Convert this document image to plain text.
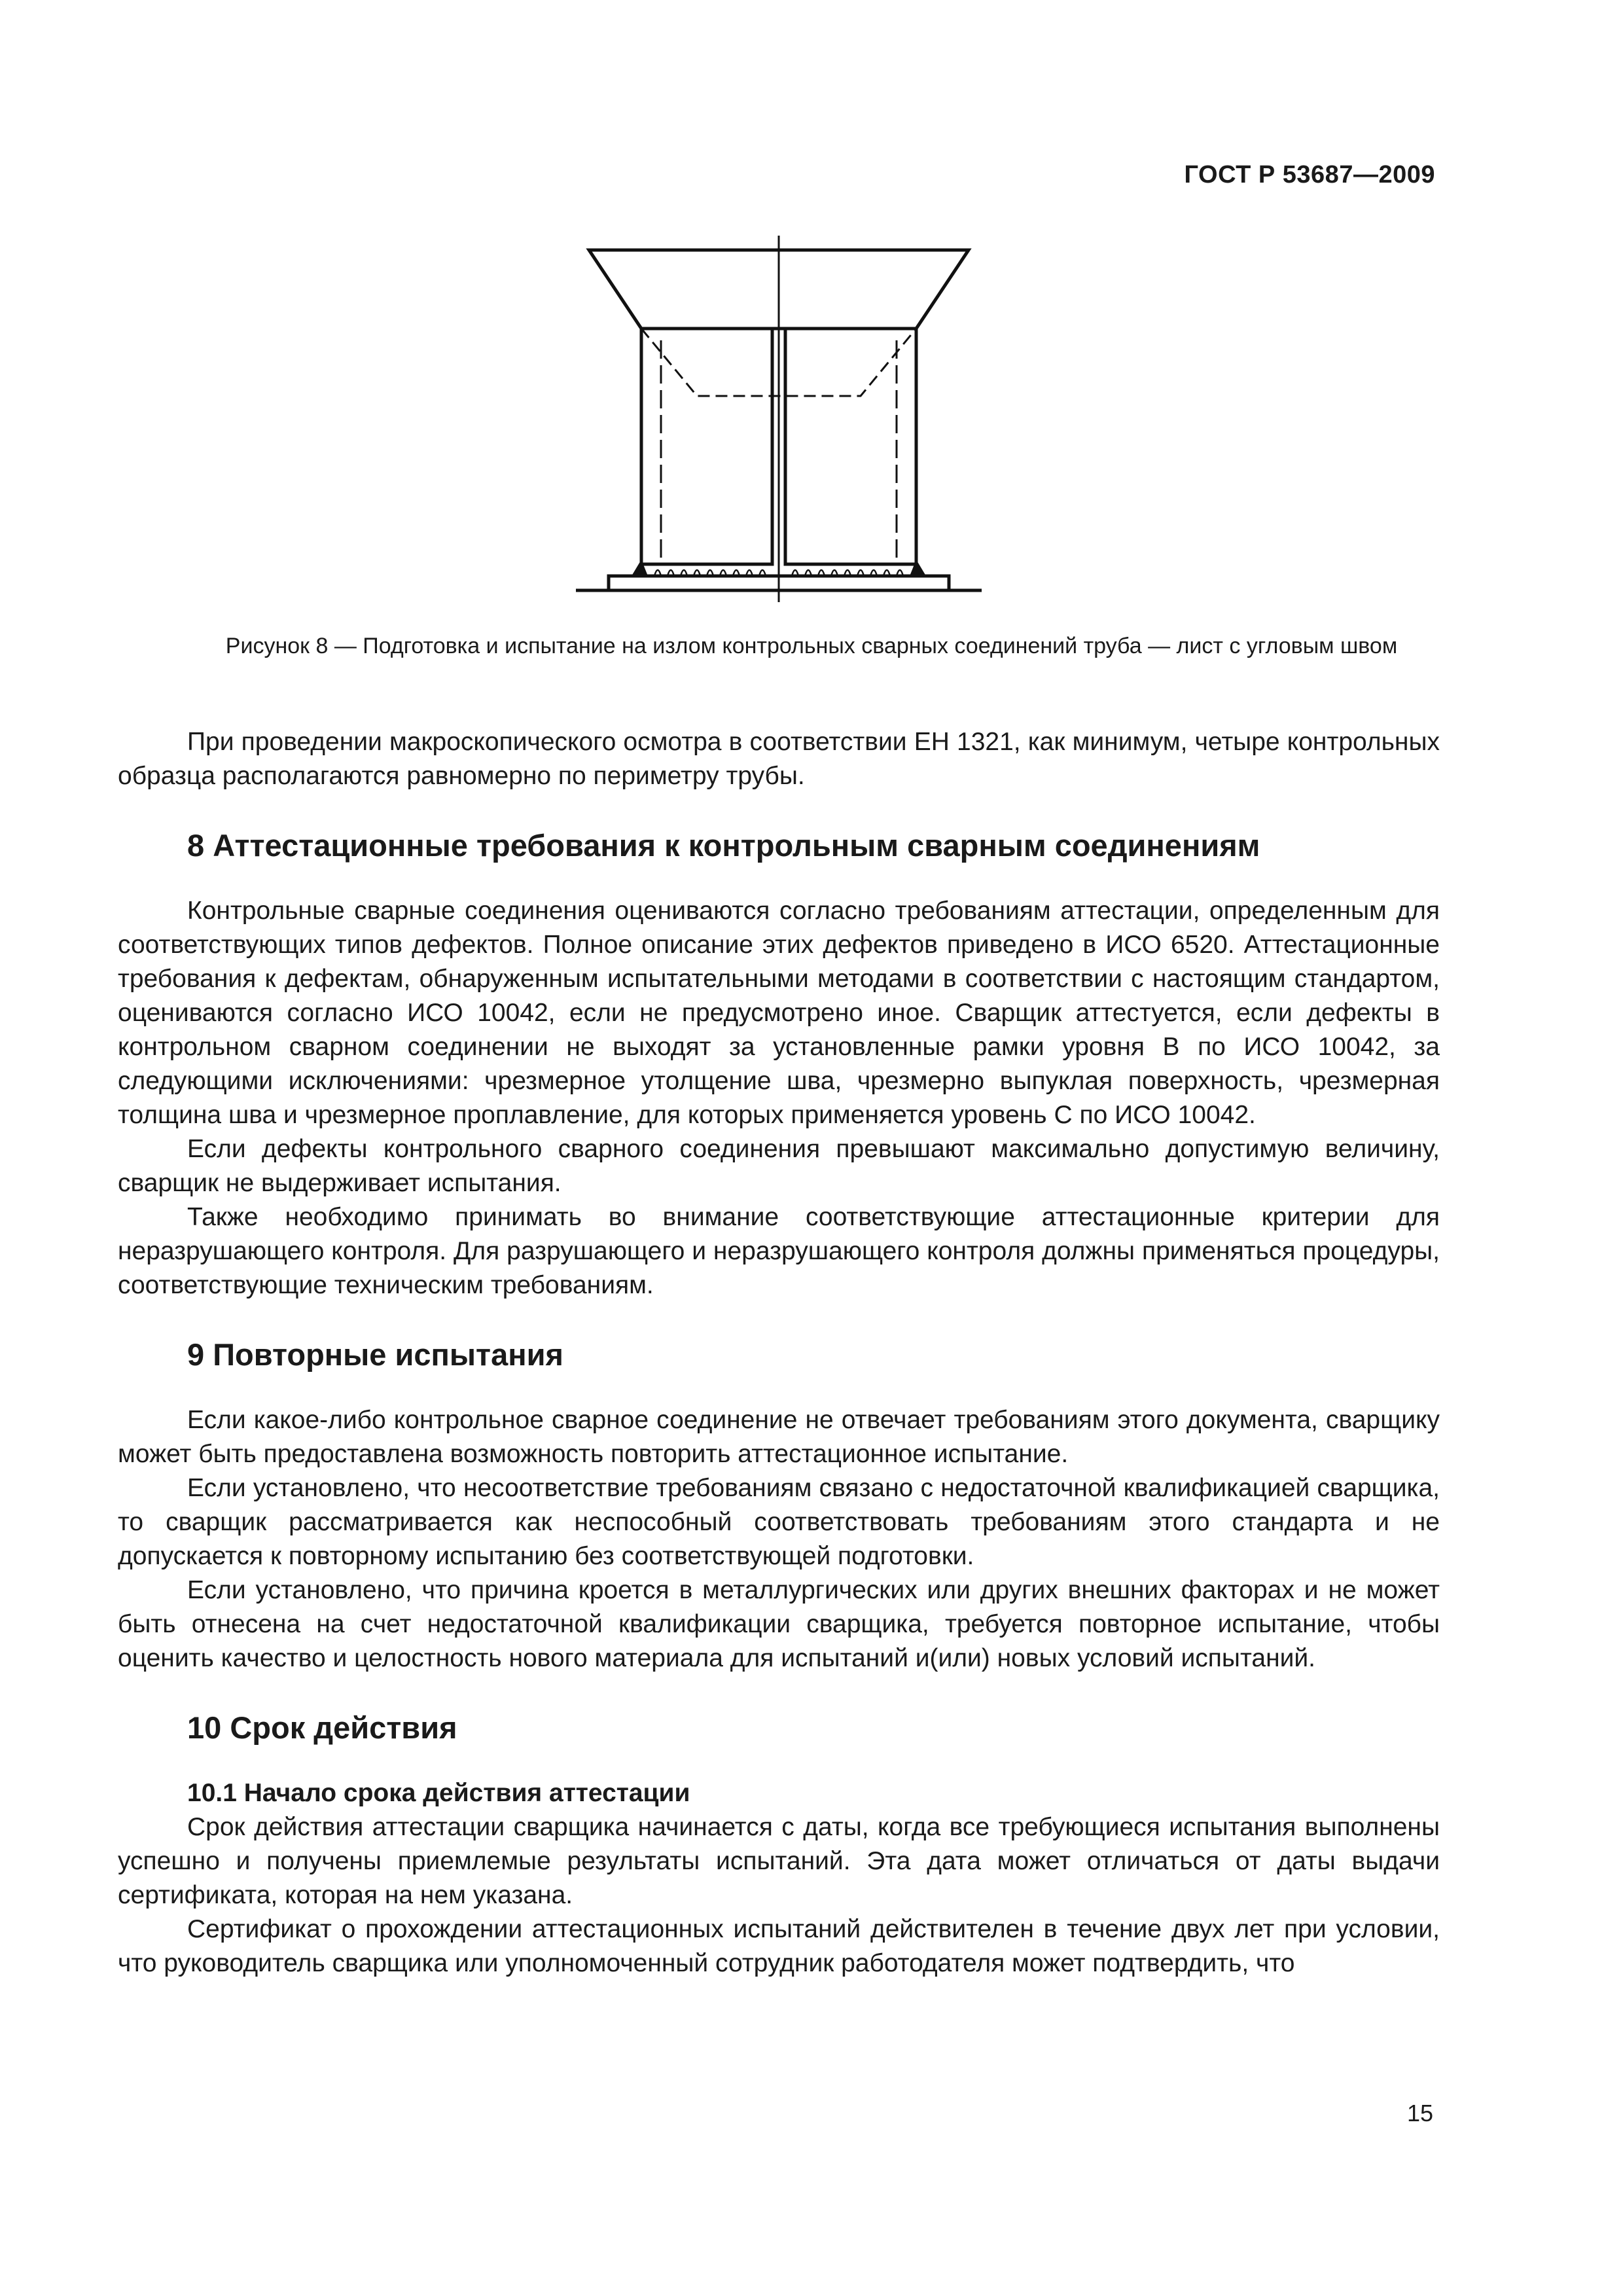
ГОСТ Р 53687—2009
Рисунок 8 — Подготовка и испытание на излом контрольных сварных соединений труба — лист с угловым швом

При проведении макроскопического осмотра в соответствии ЕН 1321, как минимум, четыре контрольных образца располагаются равномерно по периметру трубы.

8 Аттестационные требования к контрольным сварным соединениям

Контрольные сварные соединения оцениваются согласно требованиям аттестации, определенным для соответствующих типов дефектов. Полное описание этих дефектов приведено в ИСО 6520. Аттестационные требования к дефектам, обнаруженным испытательными методами в соответствии с настоящим стандартом, оцениваются согласно ИСО 10042, если не предусмотрено иное. Сварщик аттестуется, если дефекты в контрольном сварном соединении не выходят за установленные рамки уровня В по ИСО 10042, за следующими исключениями: чрезмерное утолщение шва, чрезмерно выпуклая поверхность, чрезмерная толщина шва и чрезмерное проплавление, для которых применяется уровень С по ИСО 10042.

Если дефекты контрольного сварного соединения превышают максимально допустимую величину, сварщик не выдерживает испытания.

Также необходимо принимать во внимание соответствующие аттестационные критерии для неразрушающего контроля. Для разрушающего и неразрушающего контроля должны применяться процедуры, соответствующие техническим требованиям.

9 Повторные испытания

Если какое-либо контрольное сварное соединение не отвечает требованиям этого документа, сварщику может быть предоставлена возможность повторить аттестационное испытание.

Если установлено, что несоответствие требованиям связано с недостаточной квалификацией сварщика, то сварщик рассматривается как неспособный соответствовать требованиям этого стандарта и не допускается к повторному испытанию без соответствующей подготовки.

Если установлено, что причина кроется в металлургических или других внешних факторах и не может быть отнесена на счет недостаточной квалификации сварщика, требуется повторное испытание, чтобы оценить качество и целостность нового материала для испытаний и(или) новых условий испытаний.

10 Срок действия
10.1 Начало срока действия аттестации

Срок действия аттестации сварщика начинается с даты, когда все требующиеся испытания выполнены успешно и получены приемлемые результаты испытаний. Эта дата может отличаться от даты выдачи сертификата, которая на нем указана.

Сертификат о прохождении аттестационных испытаний действителен в течение двух лет при условии, что руководитель сварщика или уполномоченный сотрудник работодателя может подтвердить, что

15
